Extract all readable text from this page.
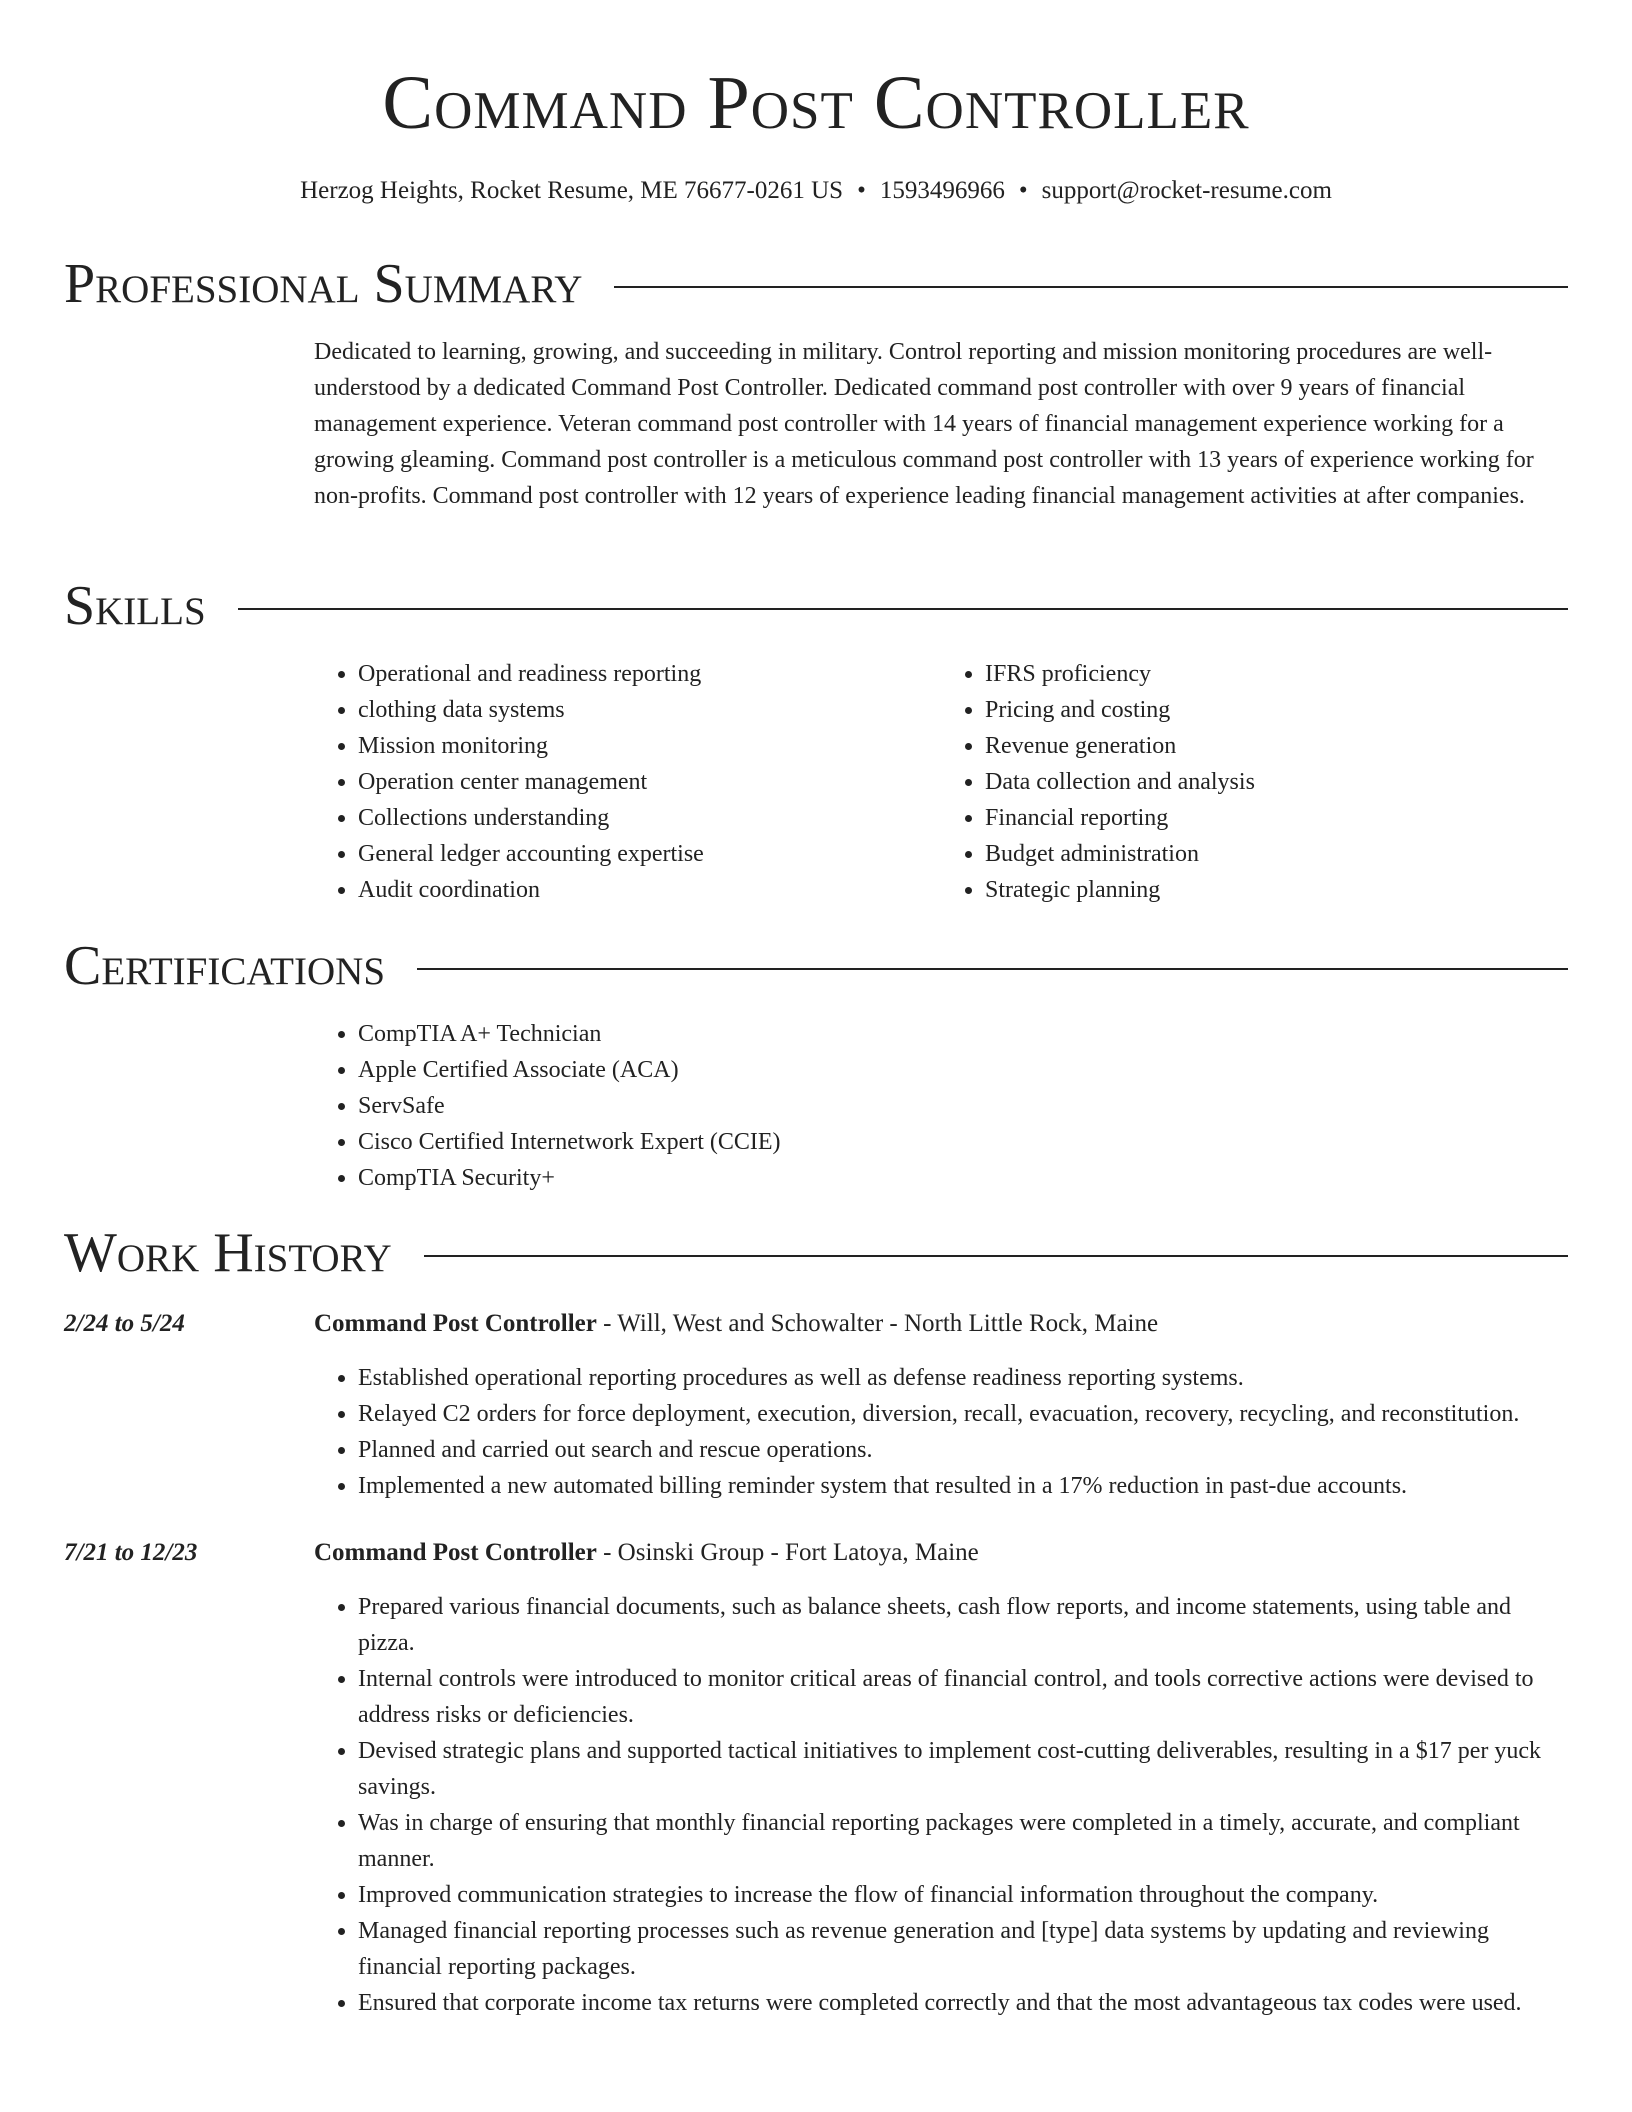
Command Post Controller
Herzog Heights, Rocket Resume, ME 76677-0261 US • 1593496966 • support@rocket-resume.com
Professional Summary

Dedicated to learning, growing, and succeeding in military. Control reporting and mission monitoring procedures are well-understood by a dedicated Command Post Controller. Dedicated command post controller with over 9 years of financial management experience. Veteran command post controller with 14 years of financial management experience working for a growing gleaming. Command post controller is a meticulous command post controller with 13 years of experience working for non-profits. Command post controller with 12 years of experience leading financial management activities at after companies.

Skills
• Operational and readiness reporting
• clothing data systems
• Mission monitoring
• Operation center management
• Collections understanding
• General ledger accounting expertise
• Audit coordination
• IFRS proficiency
• Pricing and costing
• Revenue generation
• Data collection and analysis
• Financial reporting
• Budget administration
• Strategic planning
Certifications
• CompTIA A+ Technician
• Apple Certified Associate (ACA)
• ServSafe
• Cisco Certified Internetwork Expert (CCIE)
• CompTIA Security+
Work History
2/24 to 5/24	Command Post Controller - Will, West and Schowalter - North Little Rock, Maine
• Established operational reporting procedures as well as defense readiness reporting systems.
• Relayed C2 orders for force deployment, execution, diversion, recall, evacuation, recovery, recycling, and reconstitution.
• Planned and carried out search and rescue operations.
• Implemented a new automated billing reminder system that resulted in a 17% reduction in past-due accounts.
7/21 to 12/23	Command Post Controller - Osinski Group - Fort Latoya, Maine
• Prepared various financial documents, such as balance sheets, cash flow reports, and income statements, using table and pizza.
• Internal controls were introduced to monitor critical areas of financial control, and tools corrective actions were devised to address risks or deficiencies.
• Devised strategic plans and supported tactical initiatives to implement cost-cutting deliverables, resulting in a $17 per yuck savings.
• Was in charge of ensuring that monthly financial reporting packages were completed in a timely, accurate, and compliant manner.
• Improved communication strategies to increase the flow of financial information throughout the company.
• Managed financial reporting processes such as revenue generation and [type] data systems by updating and reviewing financial reporting packages.
• Ensured that corporate income tax returns were completed correctly and that the most advantageous tax codes were used.
